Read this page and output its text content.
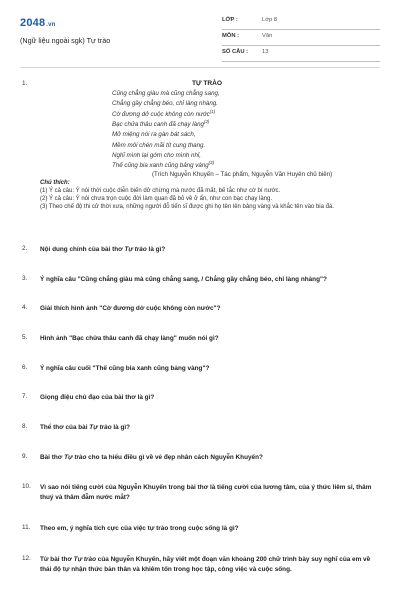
2048.vn
(Ngữ liệu ngoài sgk) Tự trào
LỚP :	Lớp 8
MÔN :	Văn
SỐ CÂU : 13
1.	TỰ TRÀO
Cũng chẳng giàu mà cũng chẳng sang,
Chẳng gầy chẳng béo, chỉ làng nhàng.
Cờ đương dở cuộc không còn nước$^{(1)}$
Bạc chửa thâu canh đã chạy làng$^{(2)}$
Mở miệng nói ra gàn bát sách,
Mềm môi chén mãi tít cung thang.
Nghĩ mình lại gớm cho mình nhỉ,
Thế cũng bia xanh cũng bảng vàng$^{(3)}$
(Trích Nguyễn Khuyến – Tác phẩm, Nguyễn Văn Huyên chủ biên)
Chú thích:
(1) Ý cả câu: Ý nói thời cuộc diễn biến dở chừng mà nước đã mất, bế tắc như cờ bí nước.
(2) Ý cả câu: Ý nói chưa trọn cuộc đời làm quan đã bỏ về ở ẩn, như con bạc chạy làng.
(3) Theo chế độ thi cử thời xưa, những người đỗ tiến sĩ được ghi họ tên lên bảng vàng và khắc tên vào bia đá.
2. Nội dung chính của bài thơ Tự trào là gì?
3. Ý nghĩa câu "Cũng chẳng giàu mà cũng chẳng sang, / Chẳng gầy chẳng béo, chỉ làng nhàng"?
4. Giải thích hình ảnh "Cờ đương dở cuộc không còn nước"?
5. Hình ảnh "Bạc chửa thâu canh đã chạy làng" muốn nói gì?
6. Ý nghĩa câu cuối "Thế cũng bia xanh cũng bảng vàng"?
7. Giọng điệu chủ đạo của bài thơ là gì?
8. Thể thơ của bài Tự trào là gì?
9. Bài thơ Tự trào cho ta hiểu điều gì về vẻ đẹp nhân cách Nguyễn Khuyến?
10. Vì sao nói tiếng cười của Nguyễn Khuyến trong bài thơ là tiếng cười của lương tâm, của ý thức liêm sỉ, thâm thuý và thâm đẫm nước mắt?
11. Theo em, ý nghĩa tích cực của việc tự trào trong cuộc sống là gì?
12. Từ bài thơ Tự trào của Nguyễn Khuyến, hãy viết một đoạn văn khoảng 200 chữ trình bày suy nghĩ của em về thái độ tự nhận thức bản thân và khiêm tốn trong học tập, công việc và cuộc sống.
